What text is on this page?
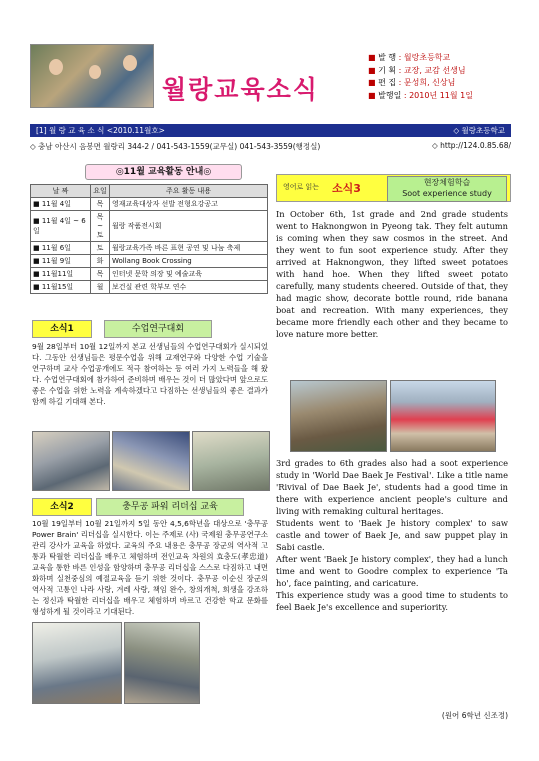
월랑교육소식
■ 발 행 : 월랑초등학교
■ 기 획 : 교장, 교감 선생님
■ 편 집 : 문성희, 신상님
■ 발행일 : 2010년 11월 1일
[1] 월 랑 교 육 소 식 <2010.11월호>	◇ 월랑초등학교
◇ 충남 아산시 음봉면 월랑리 344-2 / 041-543-1559(교무실) 041-543-3559(행정실)	◇ http://124.0.85.68/
◎11월 교육활동 안내◎
날 짜	요일	주요 활동 내용
■ 11월 4일	목	영재교육대상자 선발 전형요강공고
■ 11월 4일 ~ 6일	목 ~ 토	월랑 작품전시회
■ 11월 6일	토	월랑교육가족 바른 표현 공연 및 나눔 축제
■ 11월 9일	화	Wollang Book Crossing
■ 11월11일	목	인터넷 문학 의장 및 예술교육
■ 11월15일	월	보건실 관련 학부모 연수
소식1	수업연구대회

9월 28일부터 10월 12일까지 본교 선생님들의 수업연구대회가 실시되었다. 그동안 선생님들은 평문수업을 위해 교재연구와 다양한 수업 기술을 연구하며 교사 수업공개에도 적극 참여하는 등 여러 가지 노력들을 해 왔다. 수업연구대회에 참가하여 준비하며 배우는 것이 더 많았다며 앞으로도 좋은 수업을 위한 노력을 계속하겠다고 다짐하는 선생님들의 좋은 결과가 함께 하길 기대해 본다.

소식2	충무공 파워 리더십 교육

10월 19일부터 10월 21일까지 5일 동안 4,5,6학년을 대상으로 '충무공 Power Brain' 리더십을 실시한다. 이는 주제로 (사) 국제원 충무공연구소 관리 강사가 교육을 하였다. 교육의 주요 내용은 충무공 장군의 역사적 고통과 탁월한 리더십을 배우고 체험하며 전인교육 차원의 효충도(孝忠道) 교육을 통한 바른 인성을 함양하며 충무공 리더십을 스스로 다짐하고 내면화하며 실천중심의 예절교육을 듣기 위한 것이다. 충무공 이순신 장군의 역사적 고통인 나라 사랑, 겨레 사랑, 책임 완수, 창의개척, 희생을 강조하는 정신과 탁월한 리더십을 배우고 체험하며 바르고 건강한 학교 문화를 형성하게 될 것이라고 기대된다.

영어로 읽는 소식3	현장체험학습
Soot experience study

In October 6th, 1st grade and 2nd grade students went to Haknongwon in Pyeong tak. They felt autumn is coming when they saw cosmos in the street. And they went to fun soot experience study. After they arrived at Haknongwon, they lifted sweet potatoes with hand hoe. When they lifted sweet potato carefully, many students cheered. Outside of that, they had magic show, decorate bottle round, ride banana boat and recreation. With many experiences, they became more friendly each other and they became to love nature more better.

3rd grades to 6th grades also had a soot experience study in 'World Dae Baek Je Festival'. Like a title name 'Rivival of Dae Baek Je', students had a good time in there with experience ancient people's culture and living with remaking cultural heritages.

Students went to 'Baek Je history complex' to saw castle and tower of Baek Je, and saw puppet play in Sabi castle.

After went 'Baek Je history complex', they had a lunch time and went to Goodre complex to experience 'Ta ho', face painting, and caricature.

This experience study was a good time to students to feel Baek Je's excellence and superiority.

(원어 6학년 신조정)
